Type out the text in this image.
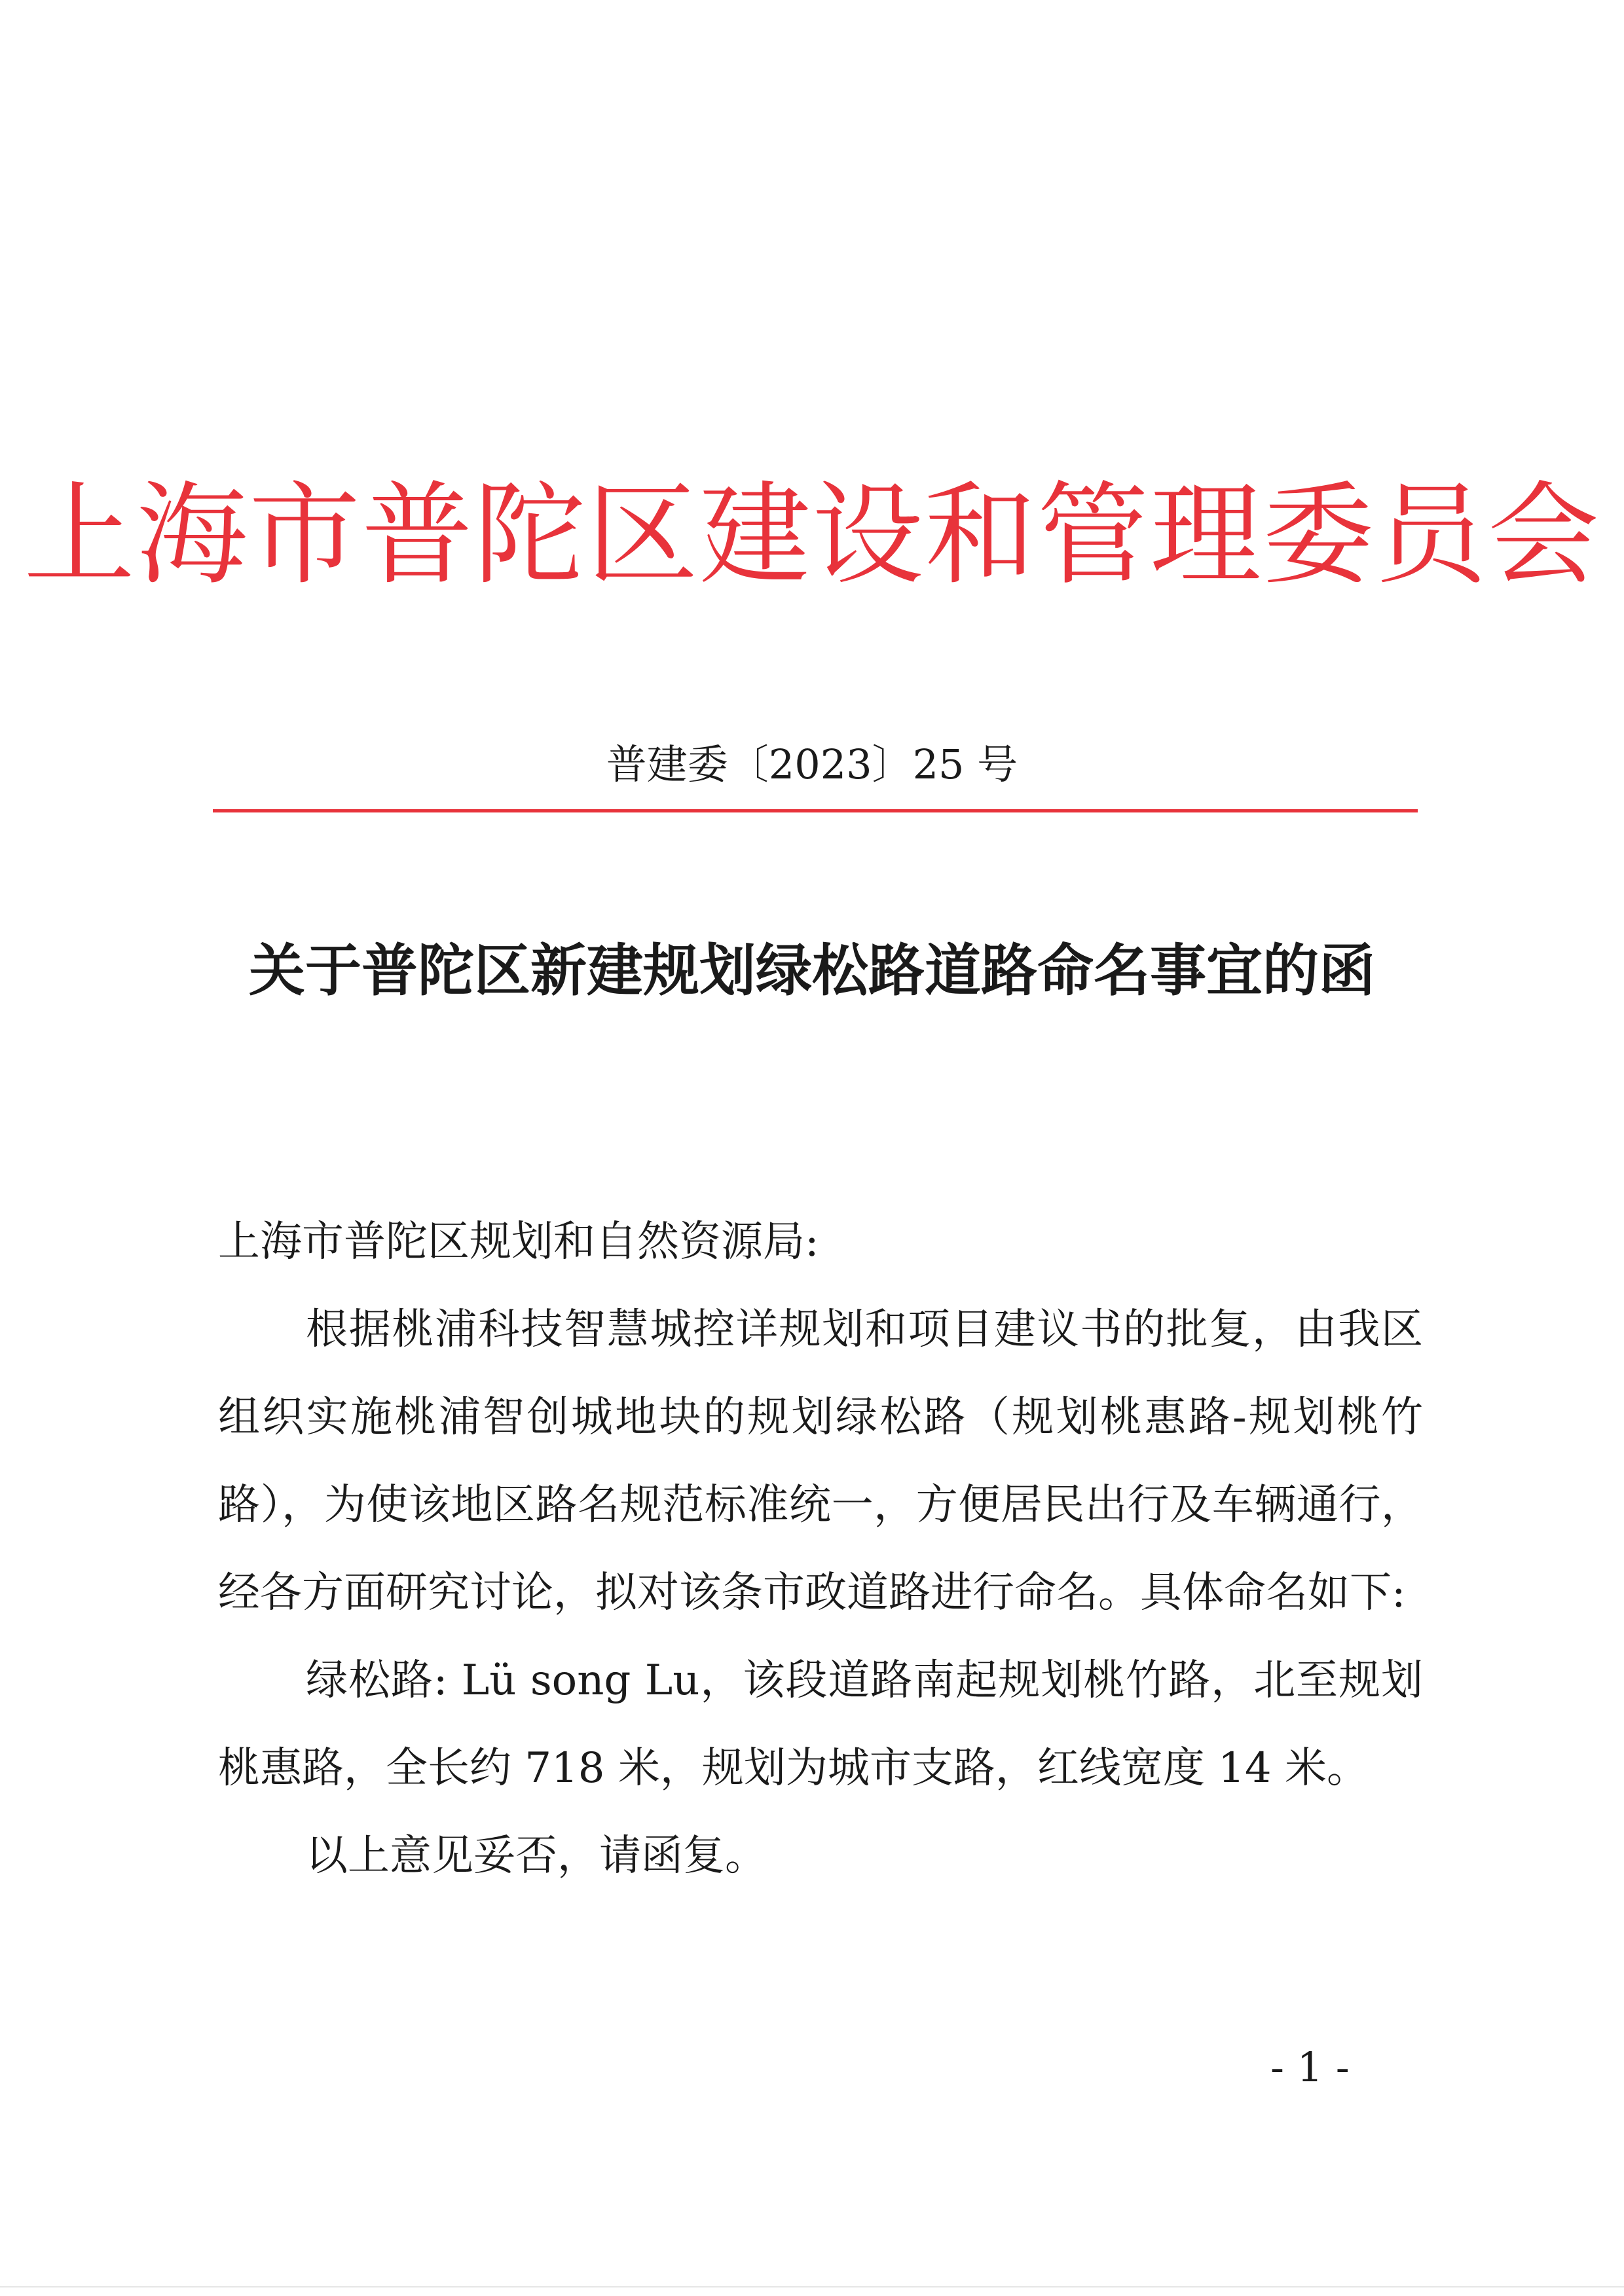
上海市普陀区建设和管理委员会
普建委〔2023〕25 号
关于普陀区新建规划绿松路道路命名事宜的函

上海市普陀区规划和自然资源局:

根据桃浦科技智慧城控详规划和项目建议书的批复，由我区组织实施桃浦智创城地块的规划绿松路（规划桃惠路-规划桃竹路），为使该地区路名规范标准统一，方便居民出行及车辆通行，经各方面研究讨论，拟对该条市政道路进行命名。具体命名如下:

绿松路: Lü song Lu，该段道路南起规划桃竹路，北至规划桃惠路，全长约 718 米，规划为城市支路，红线宽度 14 米。

以上意见妥否，请函复。

- 1 -
